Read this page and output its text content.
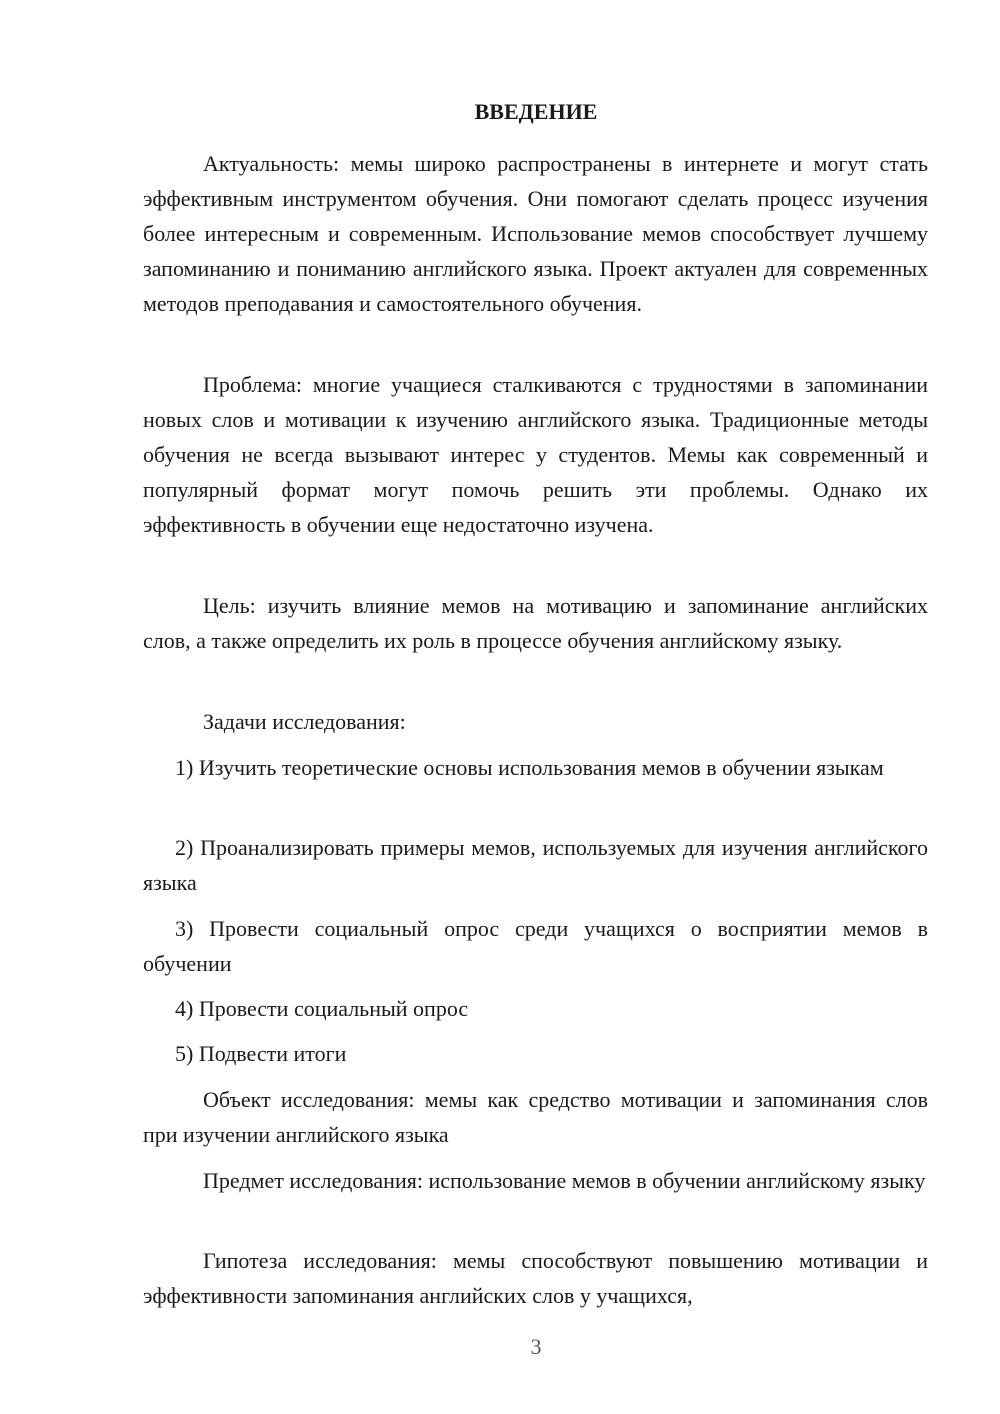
ВВЕДЕНИЕ

Актуальность: мемы широко распространены в интернете и могут стать эффективным инструментом обучения. Они помогают сделать процесс изучения более интересным и современным. Использование мемов способствует лучшему запоминанию и пониманию английского языка. Проект актуален для современных методов преподавания и самостоятельного обучения.

Проблема: многие учащиеся сталкиваются с трудностями в запоминании новых слов и мотивации к изучению английского языка. Традиционные методы обучения не всегда вызывают интерес у студентов. Мемы как современный и популярный формат могут помочь решить эти проблемы. Однако их эффективность в обучении еще недостаточно изучена.

Цель: изучить влияние мемов на мотивацию и запоминание английских слов, а также определить их роль в процессе обучения английскому языку.

Задачи исследования:

1) Изучить теоретические основы использования мемов в обучении языкам

2) Проанализировать примеры мемов, используемых для изучения английского языка

3) Провести социальный опрос среди учащихся о восприятии мемов в обучении

4) Провести социальный опрос

5) Подвести итоги

Объект исследования: мемы как средство мотивации и запоминания слов при изучении английского языка

Предмет исследования: использование мемов в обучении английскому языку

Гипотеза исследования: мемы способствуют повышению мотивации и эффективности запоминания английских слов у учащихся,

3
